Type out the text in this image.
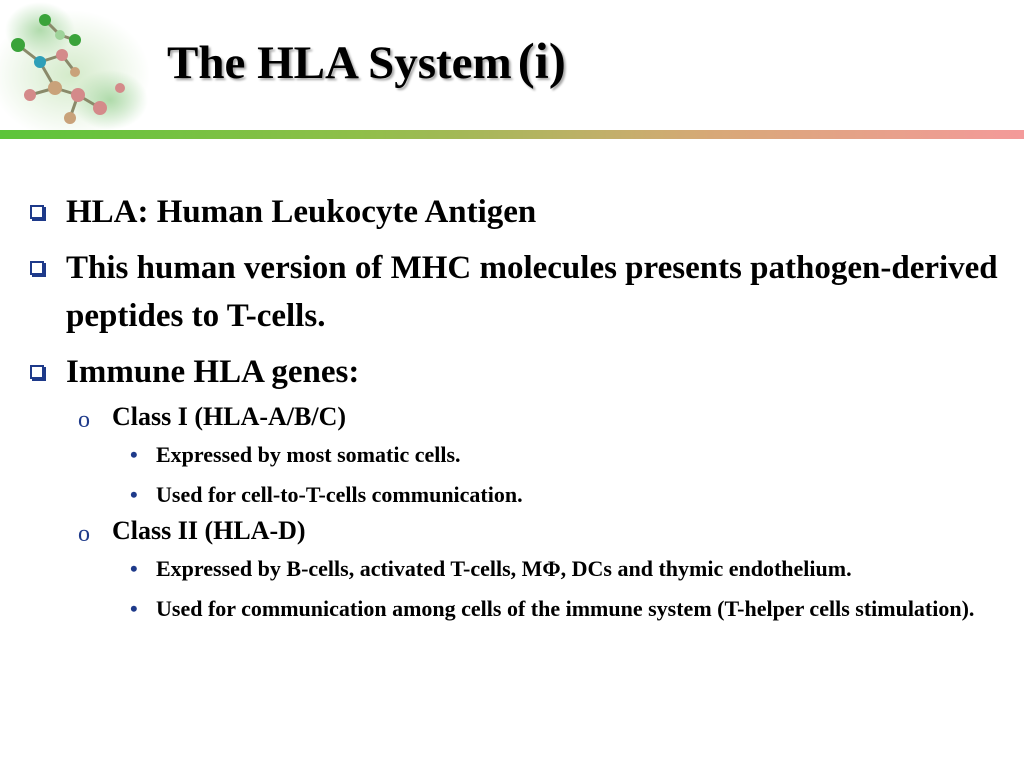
The HLA System (i)
HLA: Human Leukocyte Antigen
This human version of MHC molecules presents pathogen-derived peptides to T-cells.
Immune HLA genes:
o Class I (HLA-A/B/C)
• Expressed by most somatic cells.
• Used for cell-to-T-cells communication.
o Class II (HLA-D)
• Expressed by B-cells, activated T-cells, MΦ, DCs and thymic endothelium.
• Used for communication among cells of the immune system (T-helper cells stimulation).
